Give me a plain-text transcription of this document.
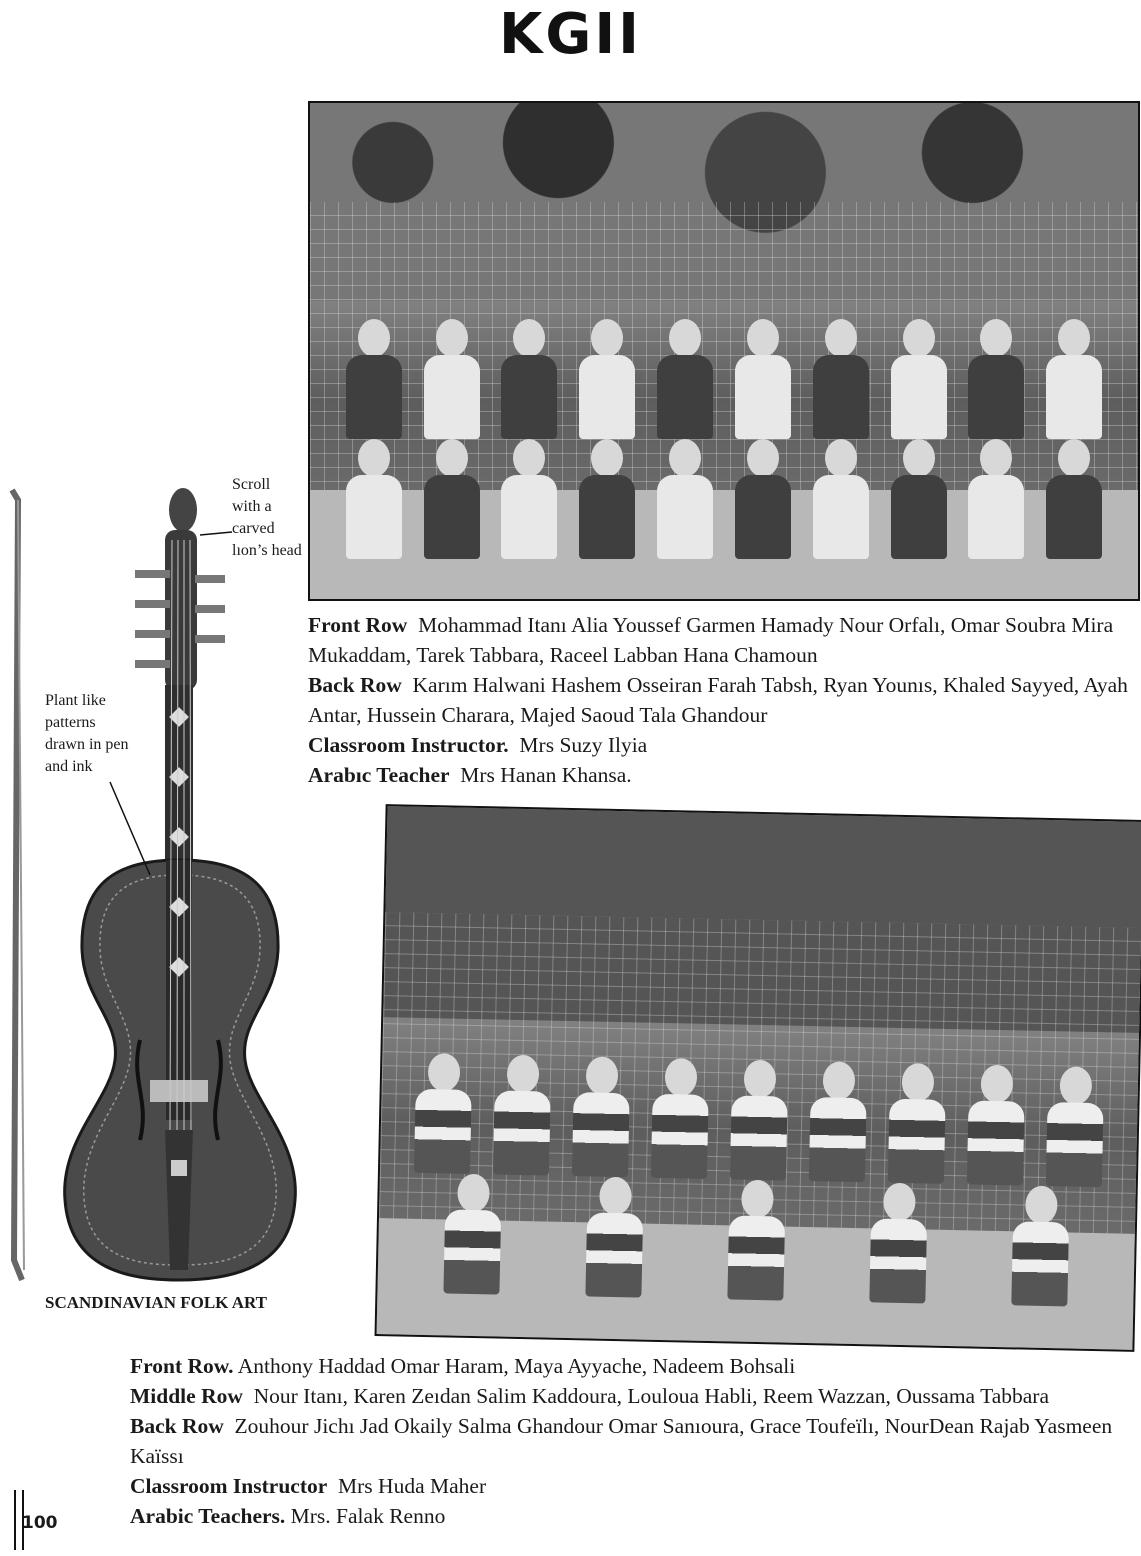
KGII
Front Row Mohammad Itanı Alia Youssef Garmen Hamady Nour Orfalı, Omar Soubra Mira Mukaddam, Tarek Tabbara, Raceel Labban Hana Chamoun
Back Row Karım Halwani Hashem Osseiran Farah Tabsh, Ryan Younıs, Khaled Sayyed, Ayah Antar, Hussein Charara, Majed Saoud Tala Ghandour
Classroom Instructor. Mrs Suzy Ilyia
Arabıc Teacher Mrs Hanan Khansa.
Scroll with a carved lıon’s head
Plant like patterns drawn in pen and ink
SCANDINAVIAN FOLK ART
Front Row. Anthony Haddad Omar Haram, Maya Ayyache, Nadeem Bohsali
Middle Row Nour Itanı, Karen Zeıdan Salim Kaddoura, Louloua Habli, Reem Wazzan, Oussama Tabbara
Back Row Zouhour Jichı Jad Okaily Salma Ghandour Omar Sanıoura, Grace Toufeïlı, NourDean Rajab Yasmeen Kaïssı
Classroom Instructor Mrs Huda Maher
Arabic Teachers. Mrs. Falak Renno
100
